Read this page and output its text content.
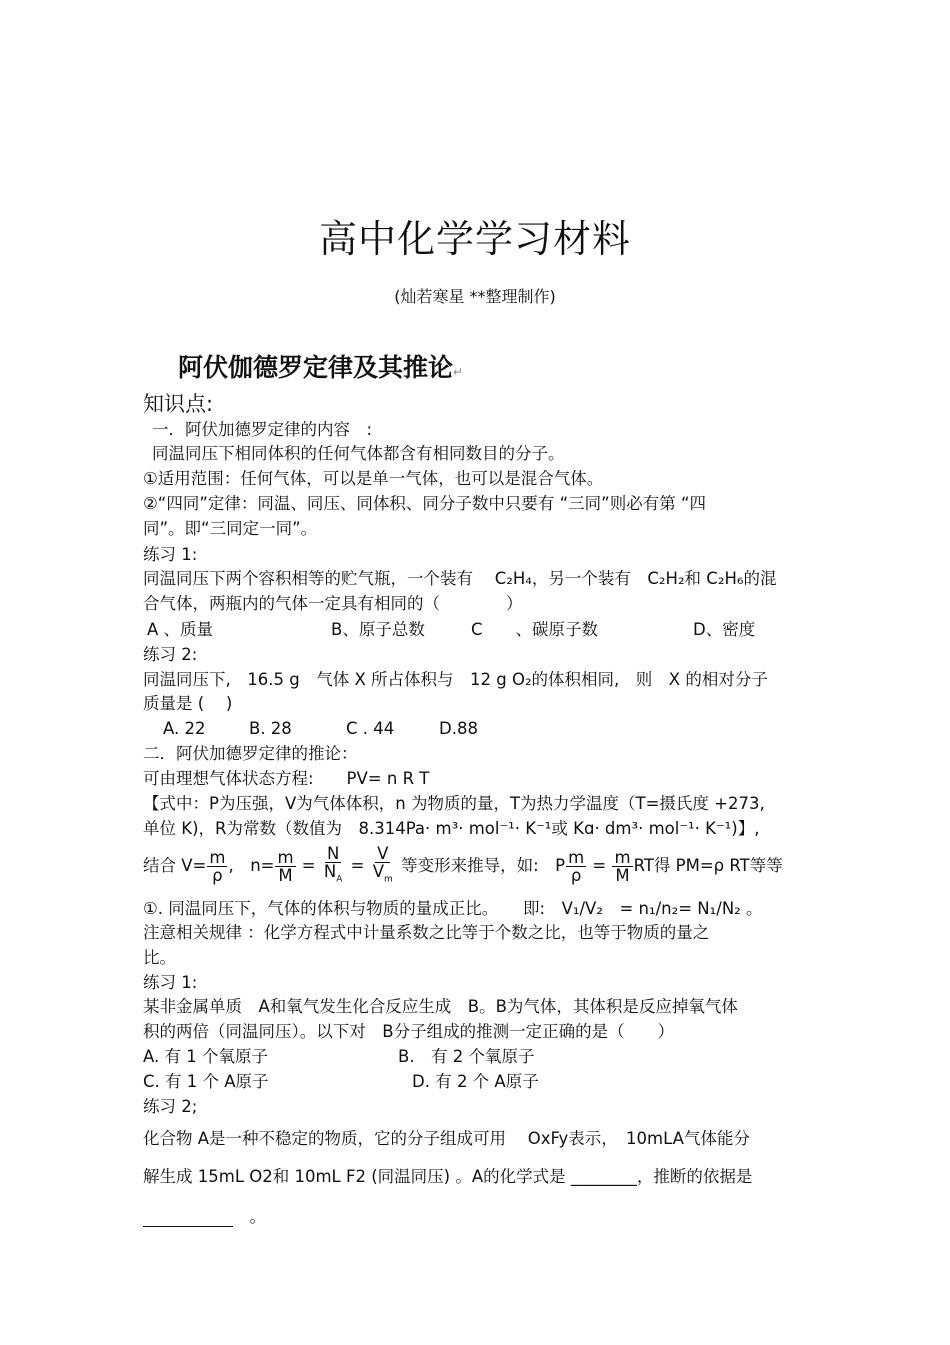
高中化学学习材料
(灿若寒星 **整理制作)
阿伏伽德罗定律及其推论↵
知识点:
一．阿伏加德罗定律的内容　:
同温同压下相同体积的任何气体都含有相同数目的分子。
①适用范围：任何气体，可以是单一气体，也可以是混合气体。
②“四同”定律：同温、同压、同体积、同分子数中只要有 “三同”则必有第 “四
同”。即“三同定一同”。
练习 1:
同温同压下两个容积相等的贮气瓶，一个装有　 C₂H₄，另一个装有　C₂H₂和 C₂H₆的混
合气体，两瓶内的气体一定具有相同的（　　　　）
A 、质量	B、原子总数	C　　、碳原子数	D、密度
练习 2:
同温同压下,　16.5 g　气体 X 所占体积与　12 g O₂的体积相同,　则　X 的相对分子
质量是 (　 )
A. 22	B. 28	C . 44	D.88
二．阿伏加德罗定律的推论：
可由理想气体状态方程:　　PV= n R T
【式中：P为压强，V为气体体积，n 为物质的量，T为热力学温度（T=摄氏度 +273,
单位 K)，R为常数（数值为　8.314Pa· m³· mol⁻¹· K⁻¹或 Kɑ· dm³· mol⁻¹· K⁻¹)】,
结合 $V= \frac{m}{\rho}$ ,　$n= \frac{m}{M} = \frac{N}{N_A} = \frac{V}{V_m}$ 等变形来推导，如:　P $\frac{m}{\rho} = \frac{m}{M}$ RT得 PM=ρ RT等等
①. 同温同压下，气体的体积与物质的量成正比。　　即:　V₁/V₂　= n₁/n₂= N₁/N₂ 。
注意相关规律 ：化学方程式中计量系数之比等于个数之比，也等于物质的量之
比。
练习 1:
某非金属单质　A和氧气发生化合反应生成　B。B为气体，其体积是反应掉氧气体
积的两倍（同温同压）。以下对　B分子组成的推测一定正确的是（　　）
A. 有 1 个氧原子	B.　有 2 个氧原子
C. 有 1 个 A原子	D. 有 2 个 A原子
练习 2;
化合物 A是一种不稳定的物质，它的分子组成可用　 OxFy表示，　10mLA气体能分
解生成 15mL O2和 10mL F2 (同温同压) 。A的化学式是 ________，推断的依据是
　。
